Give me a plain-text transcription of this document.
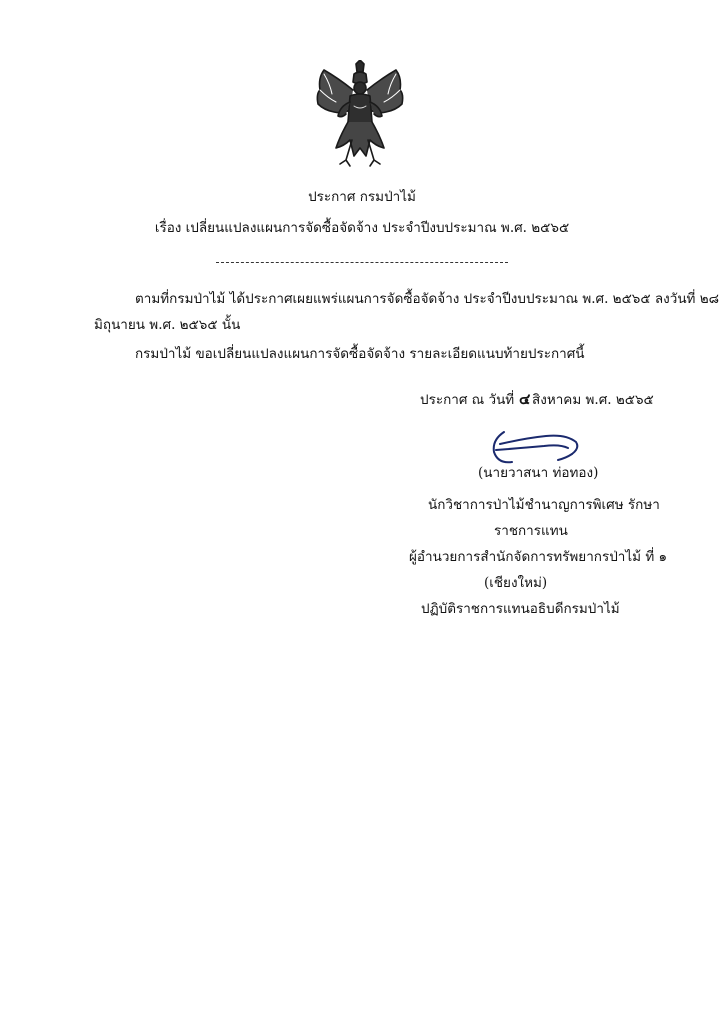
ประกาศ กรมป่าไม้
เรื่อง เปลี่ยนแปลงแผนการจัดซื้อจัดจ้าง ประจำปีงบประมาณ พ.ศ. ๒๕๖๕
ตามที่กรมป่าไม้ ได้ประกาศเผยแพร่แผนการจัดซื้อจัดจ้าง ประจำปีงบประมาณ พ.ศ. ๒๕๖๕ ลงวันที่ ๒๘
มิถุนายน พ.ศ. ๒๕๖๕ นั้น
กรมป่าไม้ ขอเปลี่ยนแปลงแผนการจัดซื้อจัดจ้าง รายละเอียดแนบท้ายประกาศนี้
ประกาศ ณ วันที่ ๔ สิงหาคม พ.ศ. ๒๕๖๕
(นายวาสนา ท่อทอง)
นักวิชาการป่าไม้ชำนาญการพิเศษ รักษา
ราชการแทน
ผู้อำนวยการสำนักจัดการทรัพยากรป่าไม้ ที่ ๑
(เชียงใหม่)
ปฏิบัติราชการแทนอธิบดีกรมป่าไม้
